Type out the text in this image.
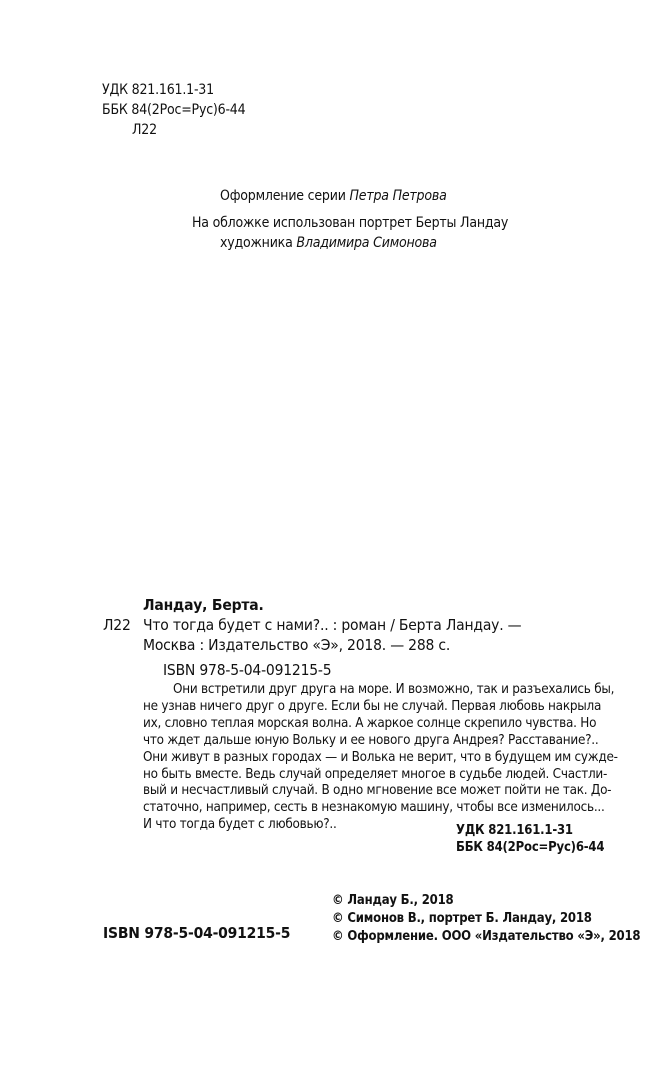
УДК 821.161.1-31
ББК 84(2Рос=Рус)6-44
Л22
Оформление серии Петра Петрова
На обложке использован портрет Берты Ландау
художника Владимира Симонова
Ландау, Берта.
Л22 Что тогда будет с нами?.. : роман / Берта Ландау. —
Москва : Издательство «Э», 2018. — 288 с.
ISBN 978-5-04-091215-5
Они встретили друг друга на море. И возможно, так и разъехались бы,
не узнав ничего друг о друге. Если бы не случай. Первая любовь накрыла
их, словно теплая морская волна. А жаркое солнце скрепило чувства. Но
что ждет дальше юную Вольку и ее нового друга Андрея? Расставание?..
Они живут в разных городах — и Волька не верит, что в будущем им сужде-
но быть вместе. Ведь случай определяет многое в судьбе людей. Счастли-
вый и несчастливый случай. В одно мгновение все может пойти не так. До-
статочно, например, сесть в незнакомую машину, чтобы все изменилось...
И что тогда будет с любовью?..	УДК 821.161.1-31
ББК 84(2Рос=Рус)6-44
ISBN 978-5-04-091215-5
© Ландау Б., 2018
© Симонов В., портрет Б. Ландау, 2018
© Оформление. ООО «Издательство «Э», 2018
